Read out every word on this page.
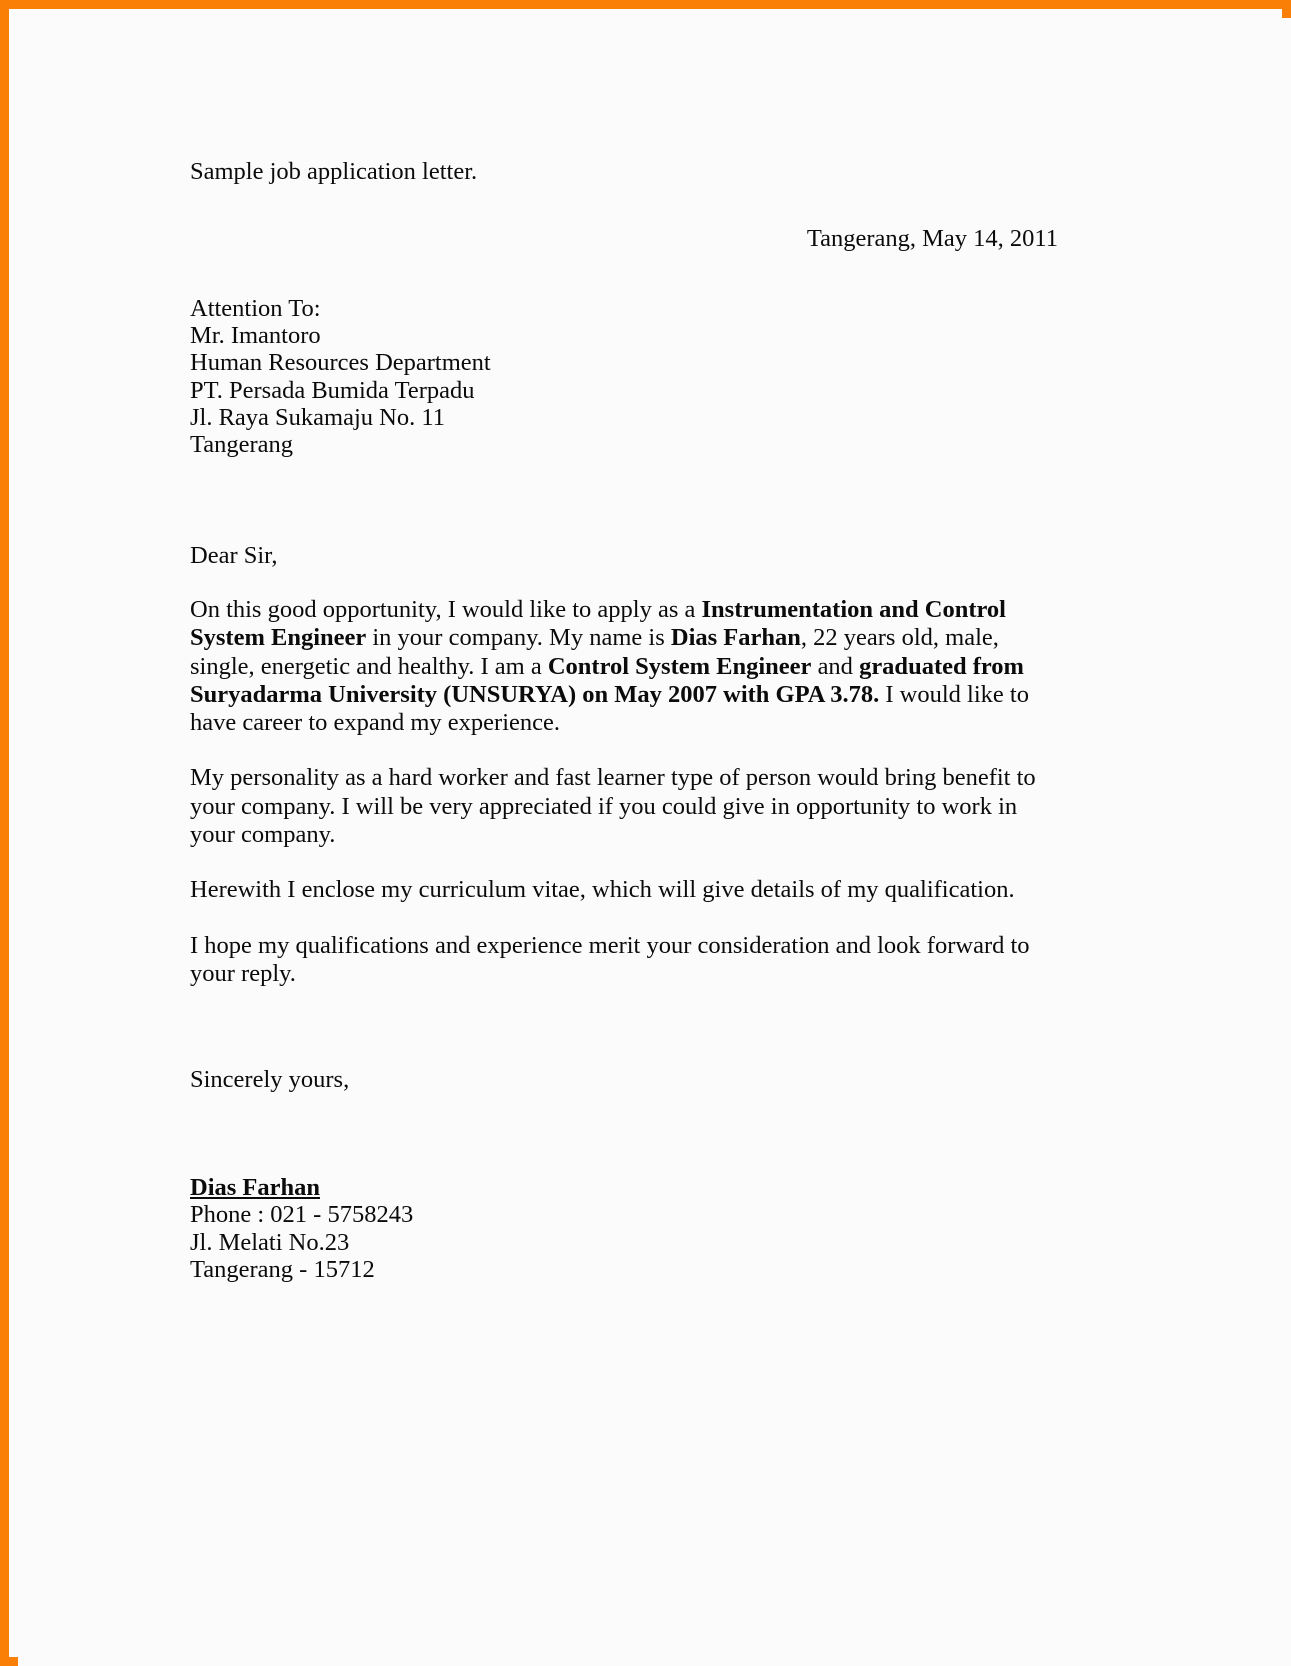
Sample job application letter.

Tangerang, May 14, 2011

Attention To:
Mr. Imantoro
Human Resources Department
PT. Persada Bumida Terpadu
Jl. Raya Sukamaju No. 11
Tangerang

Dear Sir,

On this good opportunity, I would like to apply as a Instrumentation and Control System Engineer in your company. My name is Dias Farhan, 22 years old, male, single, energetic and healthy. I am a Control System Engineer and graduated from Suryadarma University (UNSURYA) on May 2007 with GPA 3.78. I would like to have career to expand my experience.

My personality as a hard worker and fast learner type of person would bring benefit to your company. I will be very appreciated if you could give in opportunity to work in your company.

Herewith I enclose my curriculum vitae, which will give details of my qualification.

I hope my qualifications and experience merit your consideration and look forward to your reply.

Sincerely yours,

Dias Farhan
Phone : 021 - 5758243
Jl. Melati No.23
Tangerang - 15712
